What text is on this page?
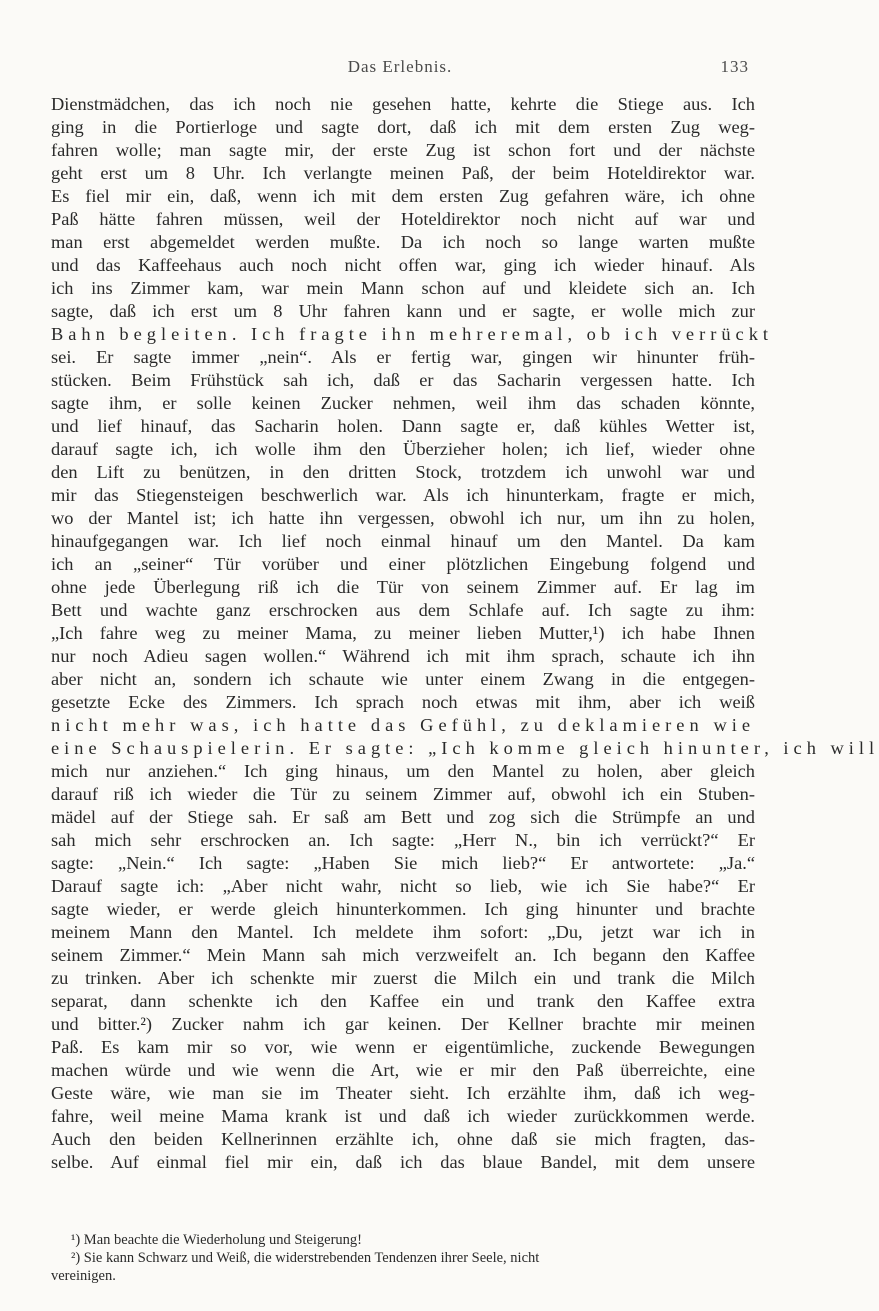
Das Erlebnis.	133
Dienstmädchen, das ich noch nie gesehen hatte, kehrte die Stiege aus. Ich
ging in die Portierloge und sagte dort, daß ich mit dem ersten Zug weg-
fahren wolle; man sagte mir, der erste Zug ist schon fort und der nächste
geht erst um 8 Uhr. Ich verlangte meinen Paß, der beim Hoteldirektor war.
Es fiel mir ein, daß, wenn ich mit dem ersten Zug gefahren wäre, ich ohne
Paß hätte fahren müssen, weil der Hoteldirektor noch nicht auf war und
man erst abgemeldet werden mußte. Da ich noch so lange warten mußte
und das Kaffeehaus auch noch nicht offen war, ging ich wieder hinauf. Als
ich ins Zimmer kam, war mein Mann schon auf und kleidete sich an. Ich
sagte, daß ich erst um 8 Uhr fahren kann und er sagte, er wolle mich zur
Bahn begleiten. Ich fragte ihn mehreremal, ob ich verrückt
sei. Er sagte immer „nein“. Als er fertig war, gingen wir hinunter früh-
stücken. Beim Frühstück sah ich, daß er das Sacharin vergessen hatte. Ich
sagte ihm, er solle keinen Zucker nehmen, weil ihm das schaden könnte,
und lief hinauf, das Sacharin holen. Dann sagte er, daß kühles Wetter ist,
darauf sagte ich, ich wolle ihm den Überzieher holen; ich lief, wieder ohne
den Lift zu benützen, in den dritten Stock, trotzdem ich unwohl war und
mir das Stiegensteigen beschwerlich war. Als ich hinunterkam, fragte er mich,
wo der Mantel ist; ich hatte ihn vergessen, obwohl ich nur, um ihn zu holen,
hinaufgegangen war. Ich lief noch einmal hinauf um den Mantel. Da kam
ich an „seiner“ Tür vorüber und einer plötzlichen Eingebung folgend und
ohne jede Überlegung riß ich die Tür von seinem Zimmer auf. Er lag im
Bett und wachte ganz erschrocken aus dem Schlafe auf. Ich sagte zu ihm:
„Ich fahre weg zu meiner Mama, zu meiner lieben Mutter,¹) ich habe Ihnen
nur noch Adieu sagen wollen.“ Während ich mit ihm sprach, schaute ich ihn
aber nicht an, sondern ich schaute wie unter einem Zwang in die entgegen-
gesetzte Ecke des Zimmers. Ich sprach noch etwas mit ihm, aber ich weiß
nicht mehr was, ich hatte das Gefühl, zu deklamieren wie
eine Schauspielerin. Er sagte: „Ich komme gleich hinunter, ich will
mich nur anziehen.“ Ich ging hinaus, um den Mantel zu holen, aber gleich
darauf riß ich wieder die Tür zu seinem Zimmer auf, obwohl ich ein Stuben-
mädel auf der Stiege sah. Er saß am Bett und zog sich die Strümpfe an und
sah mich sehr erschrocken an. Ich sagte: „Herr N., bin ich verrückt?“ Er
sagte: „Nein.“ Ich sagte: „Haben Sie mich lieb?“ Er antwortete: „Ja.“
Darauf sagte ich: „Aber nicht wahr, nicht so lieb, wie ich Sie habe?“ Er
sagte wieder, er werde gleich hinunterkommen. Ich ging hinunter und brachte
meinem Mann den Mantel. Ich meldete ihm sofort: „Du, jetzt war ich in
seinem Zimmer.“ Mein Mann sah mich verzweifelt an. Ich begann den Kaffee
zu trinken. Aber ich schenkte mir zuerst die Milch ein und trank die Milch
separat, dann schenkte ich den Kaffee ein und trank den Kaffee extra
und bitter.²) Zucker nahm ich gar keinen. Der Kellner brachte mir meinen
Paß. Es kam mir so vor, wie wenn er eigentümliche, zuckende Bewegungen
machen würde und wie wenn die Art, wie er mir den Paß überreichte, eine
Geste wäre, wie man sie im Theater sieht. Ich erzählte ihm, daß ich weg-
fahre, weil meine Mama krank ist und daß ich wieder zurückkommen werde.
Auch den beiden Kellnerinnen erzählte ich, ohne daß sie mich fragten, das-
selbe. Auf einmal fiel mir ein, daß ich das blaue Bandel, mit dem unsere
¹) Man beachte die Wiederholung und Steigerung!
²) Sie kann Schwarz und Weiß, die widerstrebenden Tendenzen ihrer Seele, nicht
vereinigen.
